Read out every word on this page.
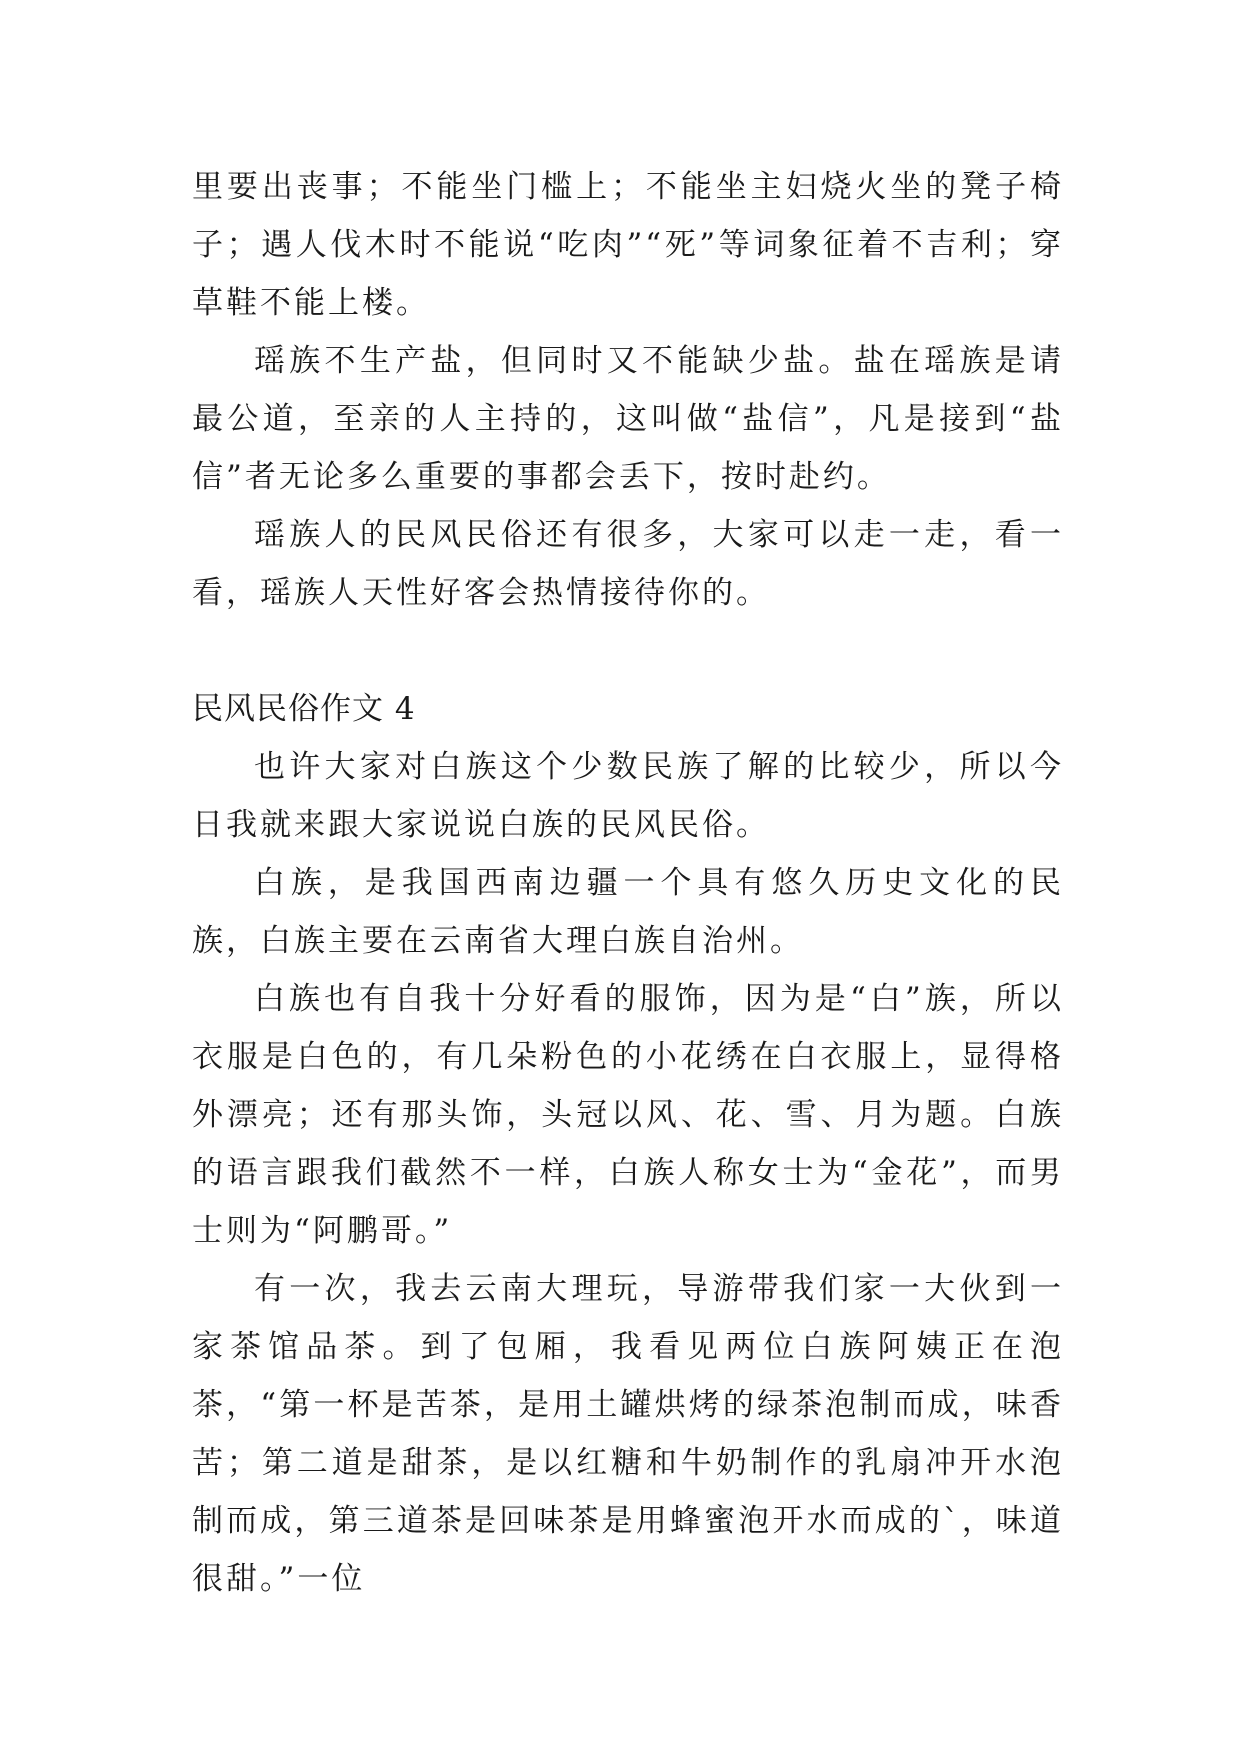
里要出丧事；不能坐门槛上；不能坐主妇烧火坐的凳子椅子；遇人伐木时不能说“吃肉”“死”等词象征着不吉利；穿草鞋不能上楼。

瑶族不生产盐，但同时又不能缺少盐。盐在瑶族是请最公道，至亲的人主持的，这叫做“盐信”，凡是接到“盐信”者无论多么重要的事都会丢下，按时赴约。

瑶族人的民风民俗还有很多，大家可以走一走，看一看，瑶族人天性好客会热情接待你的。

民风民俗作文 4

也许大家对白族这个少数民族了解的比较少，所以今日我就来跟大家说说白族的民风民俗。

白族，是我国西南边疆一个具有悠久历史文化的民族，白族主要在云南省大理白族自治州。

白族也有自我十分好看的服饰，因为是“白”族，所以衣服是白色的，有几朵粉色的小花绣在白衣服上，显得格外漂亮；还有那头饰，头冠以风、花、雪、月为题。白族的语言跟我们截然不一样，白族人称女士为“金花”，而男士则为“阿鹏哥。”

有一次，我去云南大理玩，导游带我们家一大伙到一家茶馆品茶。到了包厢，我看见两位白族阿姨正在泡茶，“第一杯是苦茶，是用土罐烘烤的绿茶泡制而成，味香苦；第二道是甜茶，是以红糖和牛奶制作的乳扇冲开水泡制而成，第三道茶是回味茶是用蜂蜜泡开水而成的`，味道很甜。”一位
